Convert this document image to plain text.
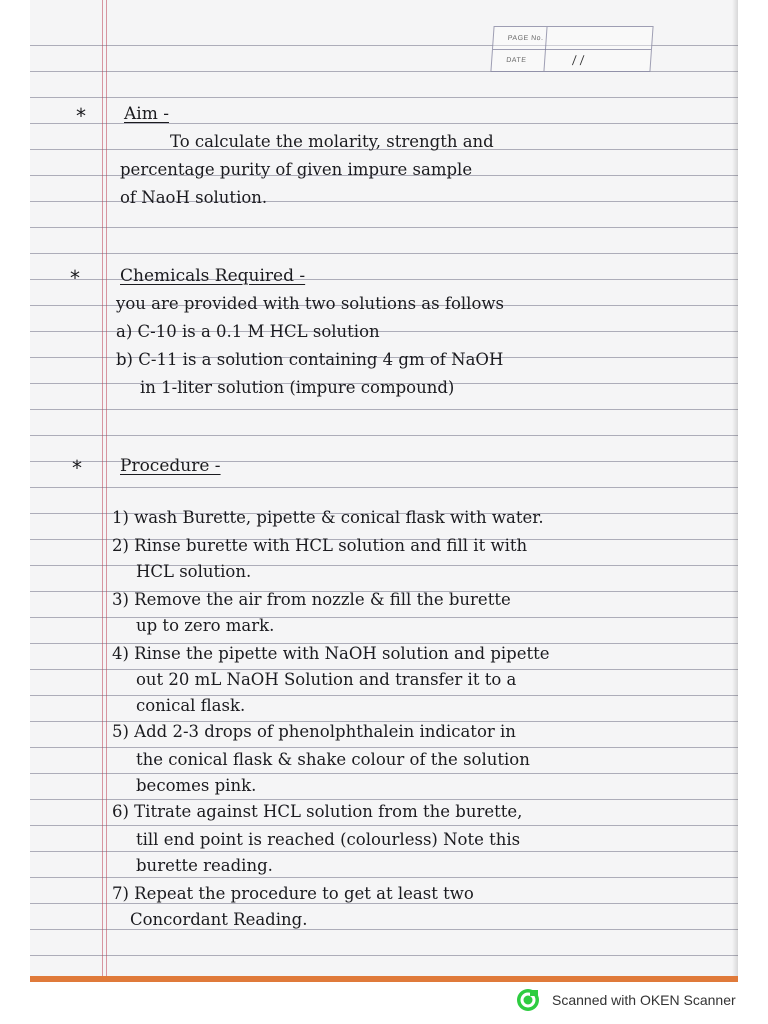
PAGE No.
DATE	/ /
* Aim -
To calculate the molarity, strength and
percentage purity of given impure sample
of NaoH solution.
* Chemicals Required -
you are provided with two solutions as follows
a) C-10 is a 0.1 M HCL solution
b) C-11 is a solution containing 4 gm of NaOH
in 1-liter solution (impure compound)
* Procedure -
1) wash Burette, pipette & conical flask with water.
2) Rinse burette with HCL solution and fill it with
HCL solution.
3) Remove the air from nozzle & fill the burette
up to zero mark.
4) Rinse the pipette with NaOH solution and pipette
out 20 mL NaOH Solution and transfer it to a
conical flask.
5) Add 2-3 drops of phenolphthalein indicator in
the conical flask & shake colour of the solution
becomes pink.
6) Titrate against HCL solution from the burette,
till end point is reached (colourless) Note this
burette reading.
7) Repeat the procedure to get at least two
Concordant Reading.
Scanned with OKEN Scanner
